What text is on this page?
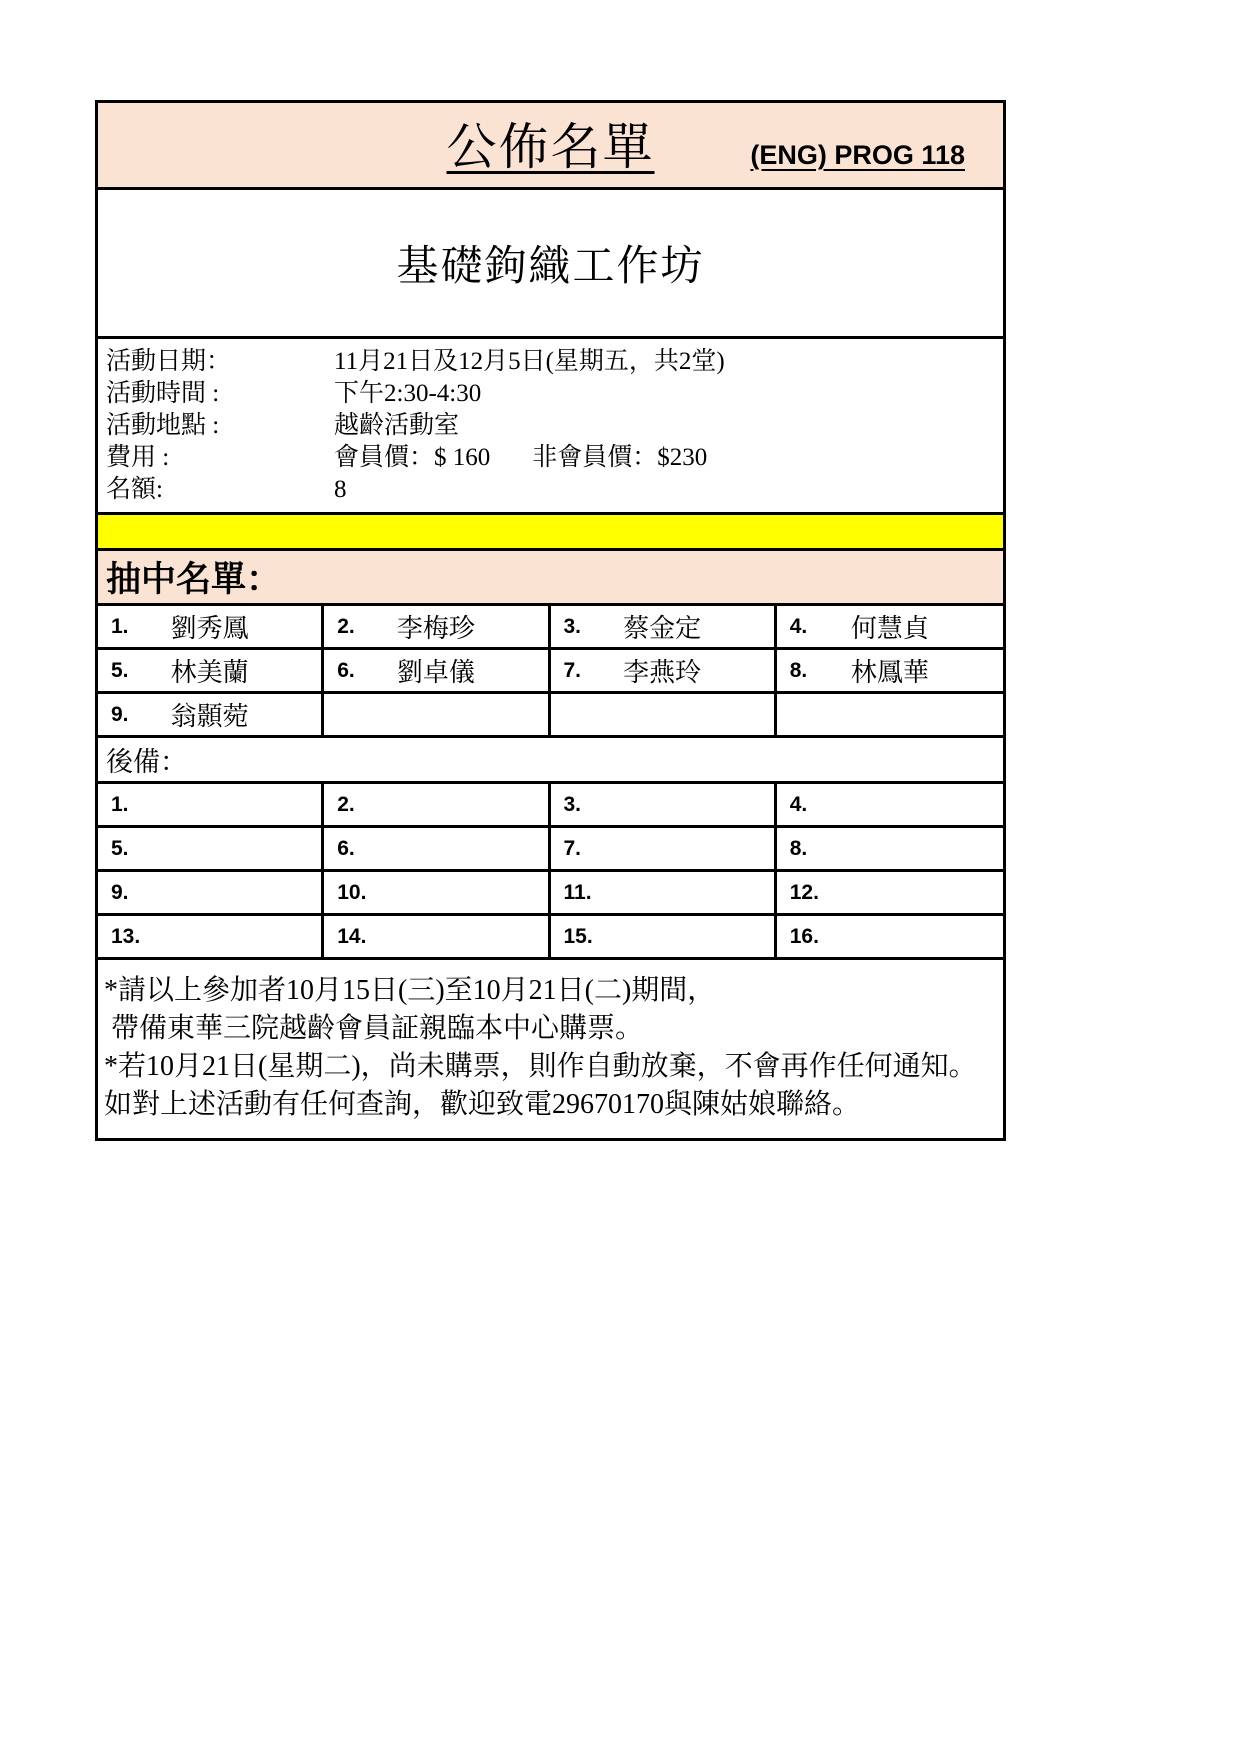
公佈名單	(ENG) PROG 118
基礎鉤織工作坊
活動日期：	11月21日及12月5日(星期五，共2堂)
活動時間 :	下午2:30-4:30
活動地點 :	越齡活動室
費用 :	會員價：$ 160 非會員價：$230
名額:	8
抽中名單：
1.	劉秀鳳	2.	李梅珍	3.	蔡金定	4.	何慧貞
5.	林美蘭	6.	劉卓儀	7.	李燕玲	8.	林鳳華
9.	翁顥菀
後備：
1.	2.	3.	4.
5.	6.	7.	8.
9.	10.	11.	12.
13.	14.	15.	16.
*請以上參加者10月15日(三)至10月21日(二)期間，
帶備東華三院越齡會員証親臨本中心購票。
*若10月21日(星期二)，尚未購票，則作自動放棄，不會再作任何通知。如對上述活動有任何查詢，歡迎致電29670170與陳姑娘聯絡。
